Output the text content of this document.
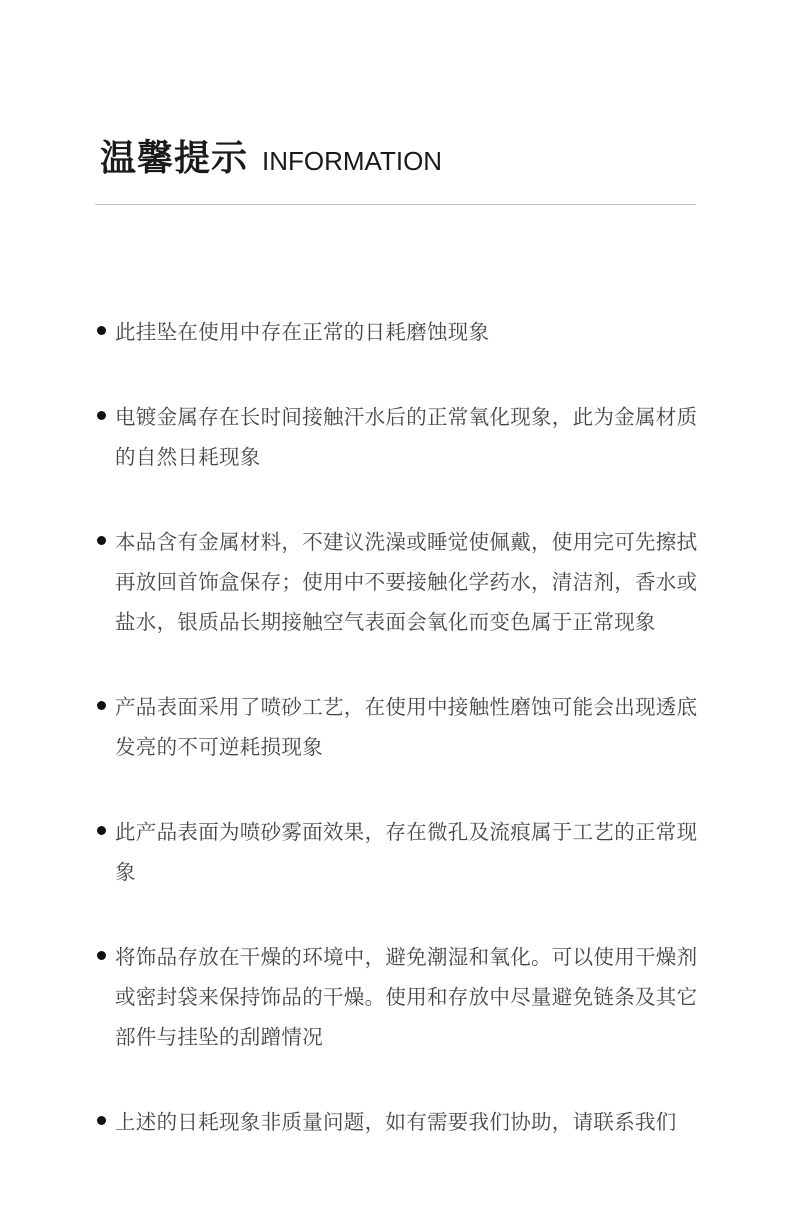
温馨提示 INFORMATION
此挂坠在使用中存在正常的日耗磨蚀现象
电镀金属存在长时间接触汗水后的正常氧化现象，此为金属材质的自然日耗现象
本品含有金属材料，不建议洗澡或睡觉使佩戴，使用完可先擦拭再放回首饰盒保存；使用中不要接触化学药水，清洁剂，香水或盐水，银质品长期接触空气表面会氧化而变色属于正常现象
产品表面采用了喷砂工艺，在使用中接触性磨蚀可能会出现透底发亮的不可逆耗损现象
此产品表面为喷砂雾面效果，存在微孔及流痕属于工艺的正常现象
将饰品存放在干燥的环境中，避免潮湿和氧化。可以使用干燥剂或密封袋来保持饰品的干燥。使用和存放中尽量避免链条及其它部件与挂坠的刮蹭情况
上述的日耗现象非质量问题，如有需要我们协助，请联系我们
